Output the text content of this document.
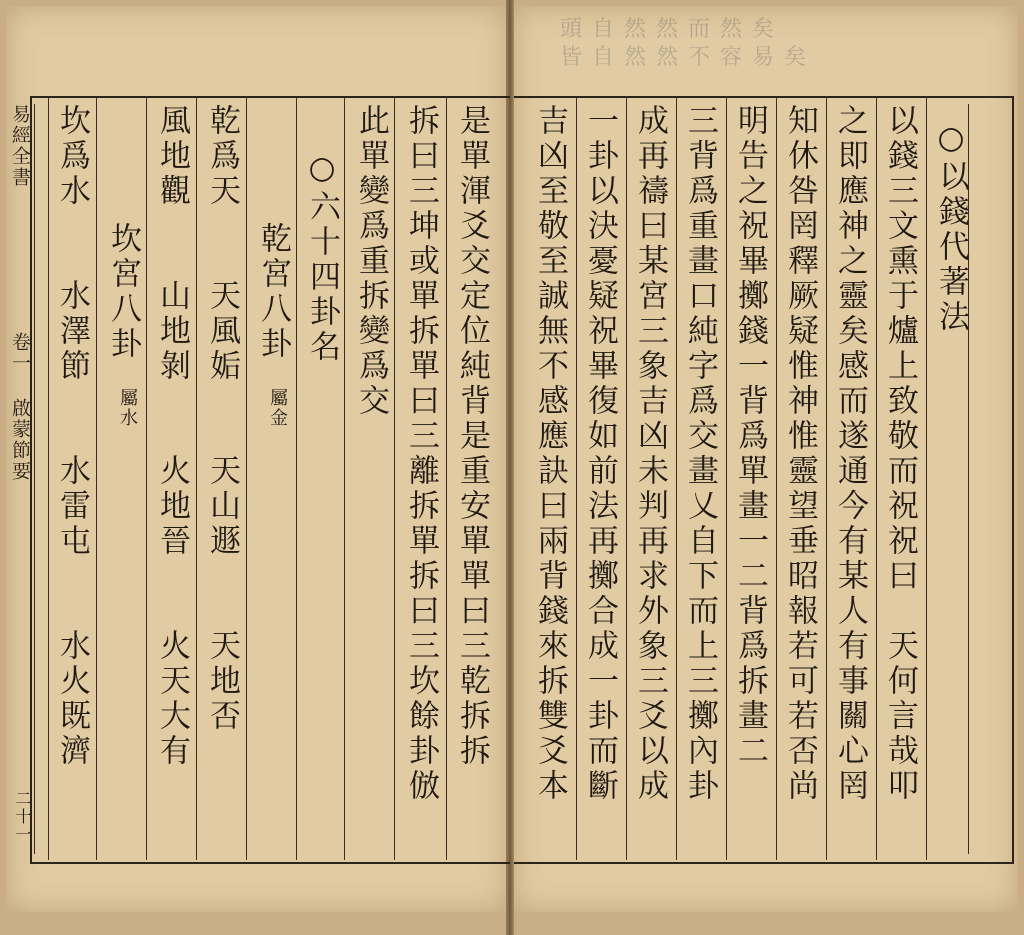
頭自然然而然矣
皆自然然不容易矣
易經全書 卷一 啟蒙節要
二十一
是單渾爻交定位純背是重安單單曰三乾拆拆
拆曰三坤或單拆單曰三離拆單拆曰三坎餘卦倣
此單變爲重拆變爲交
○六十四卦名
乾宮八卦
屬金
乾爲天　　天風姤　　天山遯　　天地否
風地觀　　山地剝　　火地晉　　火天大有
坎宮八卦
屬水
坎爲水　　水澤節　　水雷屯　　水火既濟	○以錢代著法
以錢三文熏于爐上致敬而祝祝曰　天何言哉叩
之即應神之靈矣感而遂通今有某人有事關心罔
知休咎罔釋厥疑惟神惟靈望垂昭報若可若否尚
明告之祝畢擲錢一背爲單畫一二背爲拆畫二
三背爲重畫口純字爲交畫乂自下而上三擲內卦
成再禱曰某宮三象吉凶未判再求外象三爻以成
一卦以決憂疑祝畢復如前法再擲合成一卦而斷
吉凶至敬至誠無不感應訣曰兩背錢來拆雙爻本
